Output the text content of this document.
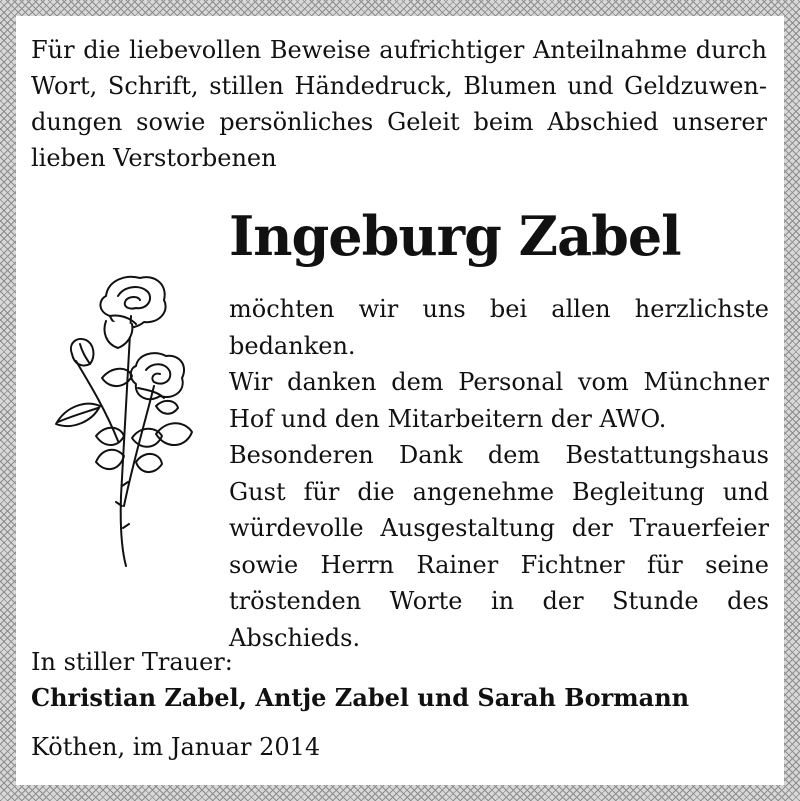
Für die liebevollen Beweise aufrichtiger Anteilnahme durch
Wort, Schrift, stillen Händedruck, Blumen und Geldzuwen-
dungen sowie persönliches Geleit beim Abschied unserer
lieben Verstorbenen

Ingeburg Zabel

möchten wir uns bei allen herzlichste bedanken.
Wir danken dem Personal vom Münchner
Hof und den Mitarbeitern der AWO.
Besonderen Dank dem Bestattungshaus
Gust für die angenehme Begleitung und
würdevolle Ausgestaltung der Trauerfeier
sowie Herrn Rainer Fichtner für seine
tröstenden Worte in der Stunde des
Abschieds.

In stiller Trauer:
Christian Zabel, Antje Zabel und Sarah Bormann

Köthen, im Januar 2014
